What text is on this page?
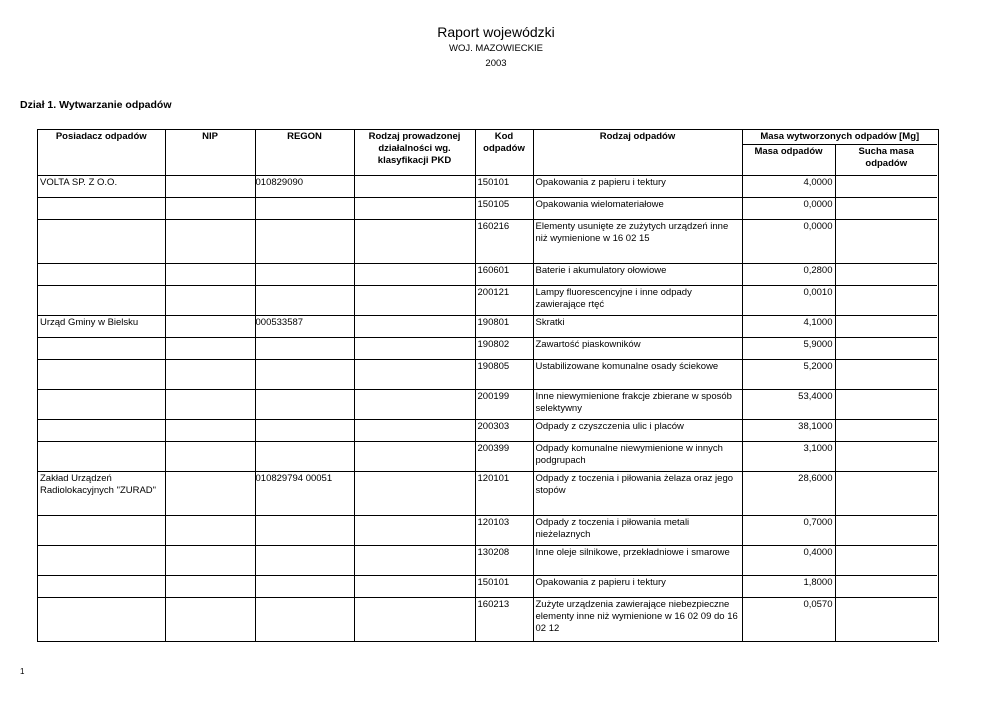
Raport wojewódzki
WOJ. MAZOWIECKIE
2003
Dział 1. Wytwarzanie odpadów
Posiadacz odpadów	NIP	REGON	Rodzaj prowadzonej działalności wg. klasyfikacji PKD	Kod odpadów	Rodzaj odpadów	Masa wytworzonych odpadów [Mg]	
						Masa odpadów	Sucha masa odpadów
VOLTA SP. Z O.O.		010829090		150101	Opakowania z papieru i tektury	4,0000	
				150105	Opakowania wielomateriałowe	0,0000	
				160216	Elementy usunięte ze zużytych urządzeń inne niż wymienione w 16 02 15	0,0000	
				160601	Baterie i akumulatory ołowiowe	0,2800	
				200121	Lampy fluorescencyjne i inne odpady zawierające rtęć	0,0010	
Urząd Gminy w Bielsku		000533587		190801	Skratki	4,1000	
				190802	Zawartość piaskowników	5,9000	
				190805	Ustabilizowane komunalne osady ściekowe	5,2000	
				200199	Inne niewymienione frakcje zbierane w sposób selektywny	53,4000	
				200303	Odpady z czyszczenia ulic i placów	38,1000	
				200399	Odpady komunalne niewymienione w innych podgrupach	3,1000	
Zakład Urządzeń Radiolokacyjnych "ZURAD"		010829794 00051		120101	Odpady z toczenia i piłowania żelaza oraz jego stopów	28,6000	
				120103	Odpady z toczenia i piłowania metali nieżelaznych	0,7000	
				130208	Inne oleje silnikowe, przekładniowe i smarowe	0,4000	
				150101	Opakowania z papieru i tektury	1,8000	
				160213	Zużyte urządzenia zawierające niebezpieczne elementy inne niż wymienione w 16 02 09 do 16 02 12	0,0570	
1
